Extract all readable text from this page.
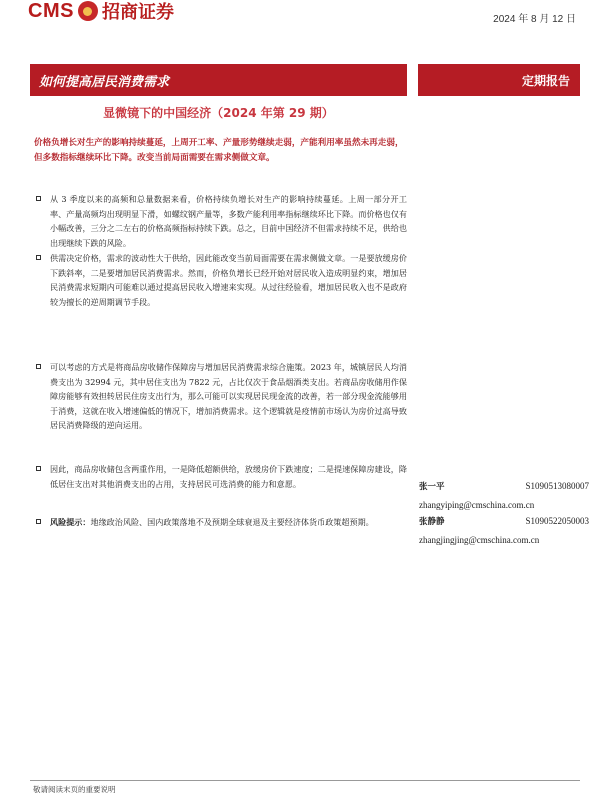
CMS 招商证券	2024 年 8 月 12 日
如何提高居民消费需求	定期报告
显微镜下的中国经济（2024 年第 29 期）
价格负增长对生产的影响持续蔓延，上周开工率、产量形势继续走弱，产能利用率虽然未再走弱，但多数指标继续环比下降。改变当前局面需要在需求侧做文章。
从 3 季度以来的高频和总量数据来看，价格持续负增长对生产的影响持续蔓延。上周一部分开工率、产量高频均出现明显下滑，如螺纹钢产量等，多数产能利用率指标继续环比下降。而价格也仅有小幅改善，三分之二左右的价格高频指标持续下跌。总之，目前中国经济不但需求持续不足，供给也出现继续下跌的风险。
供需决定价格，需求的波动性大于供给，因此能改变当前局面需要在需求侧做文章。一是要放缓房价下跌斜率，二是要增加居民消费需求。然而，价格负增长已经开始对居民收入造成明显约束，增加居民消费需求短期内可能难以通过提高居民收入增速来实现。从过往经验看，增加居民收入也不是政府较为擅长的逆周期调节手段。
可以考虑的方式是将商品房收储作保障房与增加居民消费需求综合施策。2023 年，城镇居民人均消费支出为 32994 元，其中居住支出为 7822 元，占比仅次于食品烟酒类支出。若商品房收储用作保障房能够有效担转居民住房支出行为，那么可能可以实现居民现金流的改善，若一部分现金流能够用于消费，这就在收入增速偏低的情况下，增加消费需求。这个逻辑就是疫情前市场认为房价过高导致居民消费降级的逆向运用。
因此，商品房收储包含两重作用，一是降低超额供给，放缓房价下跌速度；二是提速保障房建设，降低居住支出对其他消费支出的占用，支持居民可选消费的能力和意愿。
风险提示：地缘政治风险、国内政策落地不及预期全球衰退及主要经济体货币政策超预期。
张一平	S1090513080007
zhangyiping@cmschina.com.cn
张静静	S1090522050003
zhangjingjing@cmschina.com.cn
敬请阅读末页的重要说明
